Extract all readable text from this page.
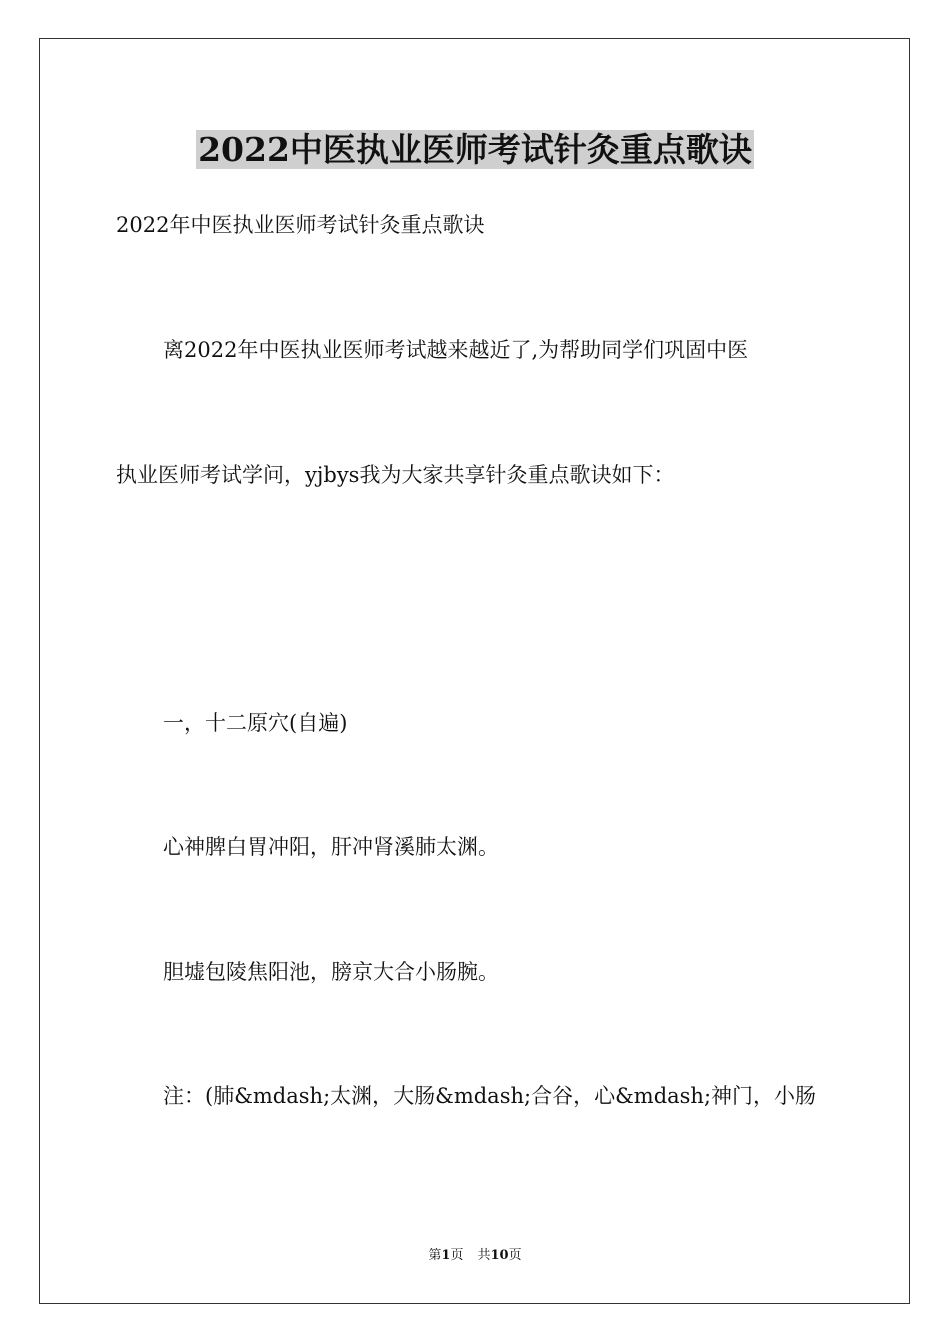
2022中医执业医师考试针灸重点歌诀
2022年中医执业医师考试针灸重点歌诀
离2022年中医执业医师考试越来越近了,为帮助同学们巩固中医
执业医师考试学问，yjbys我为大家共享针灸重点歌诀如下：
一，十二原穴(自遍)
心神脾白胃冲阳，肝冲肾溪肺太渊。
胆墟包陵焦阳池，膀京大合小肠腕。
注：(肺&mdash;太渊，大肠&mdash;合谷，心&mdash;神门，小肠
第1页 共10页
